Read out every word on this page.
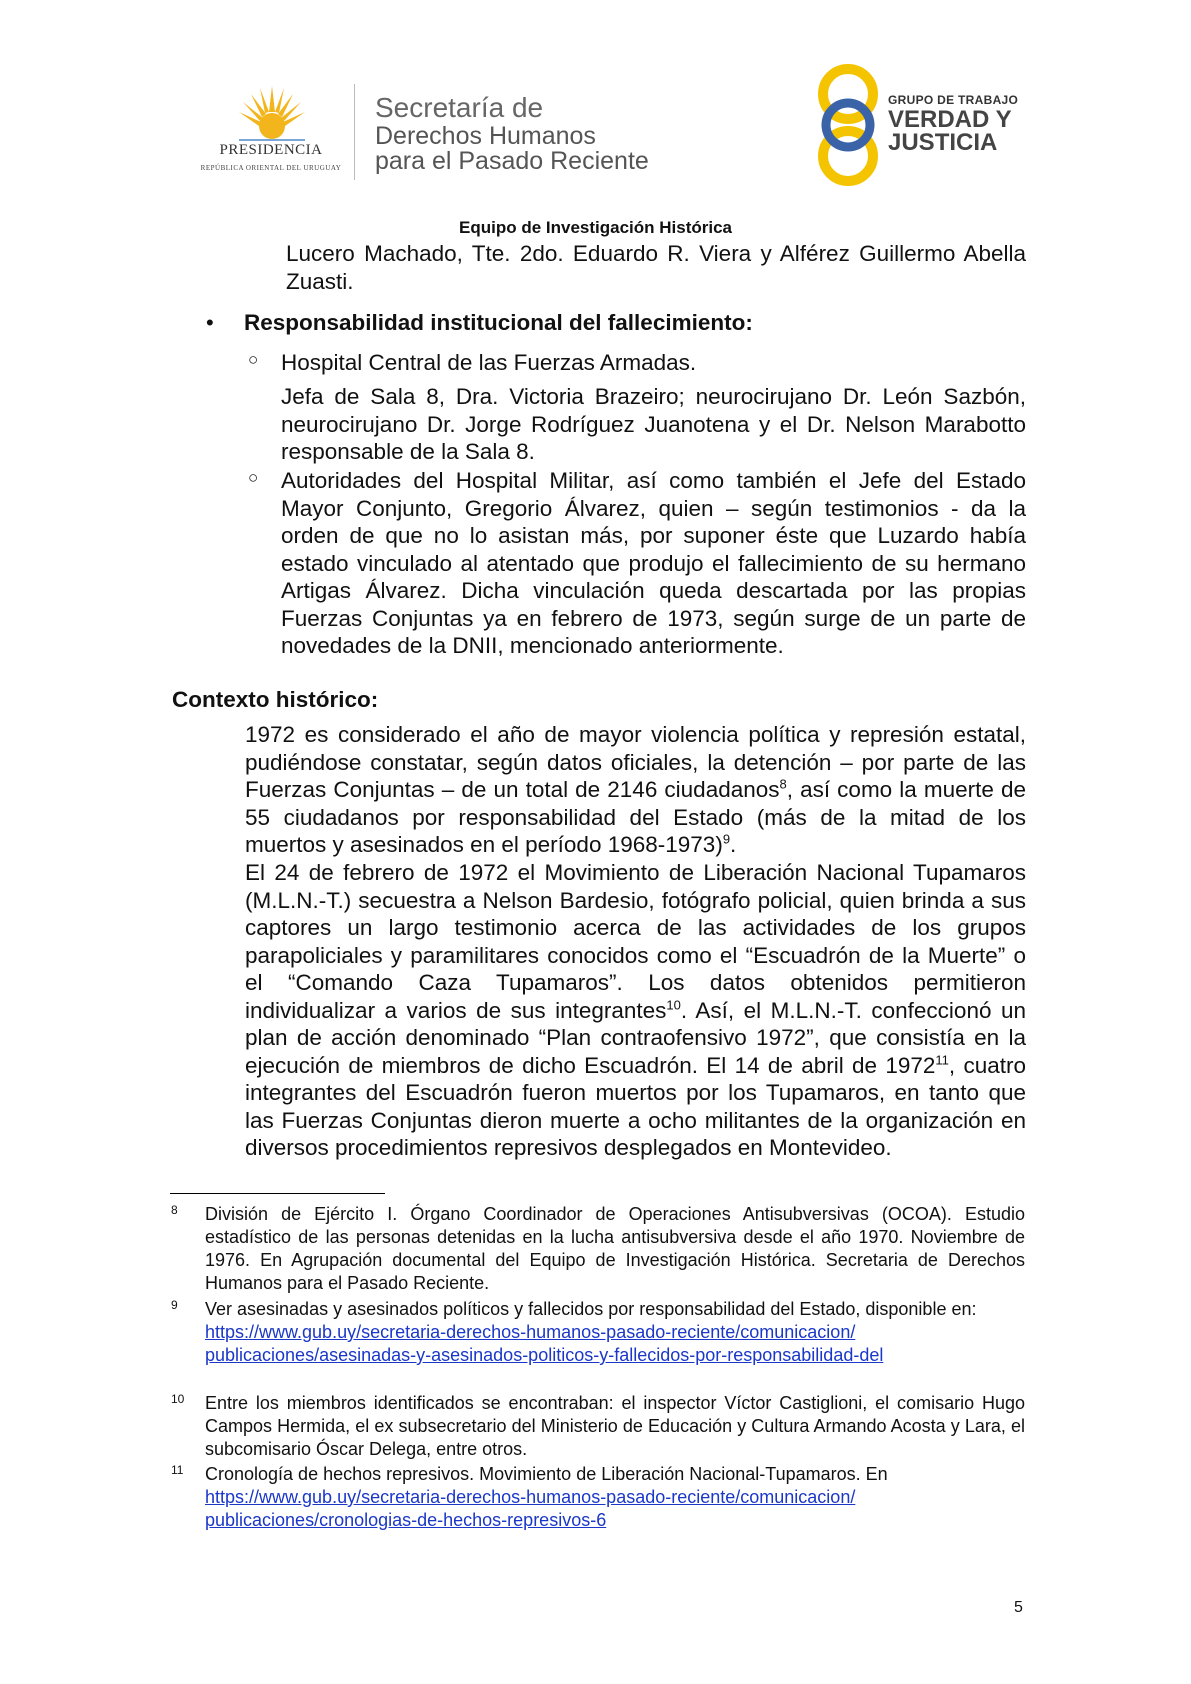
PRESIDENCIA
REPÚBLICA ORIENTAL DEL URUGUAY
Secretaría de
Derechos Humanos
para el Pasado Reciente
GRUPO DE TRABAJO
VERDAD Y
JUSTICIA
Equipo de Investigación Histórica

Lucero Machado, Tte. 2do. Eduardo R. Viera y Alférez Guillermo Abella Zuasti.

• Responsabilidad institucional del fallecimiento:
○ Hospital Central de las Fuerzas Armadas.

Jefa de Sala 8, Dra. Victoria Brazeiro; neurocirujano Dr. León Sazbón, neurocirujano Dr. Jorge Rodríguez Juanotena y el Dr. Nelson Marabotto responsable de la Sala 8.

○ Autoridades del Hospital Militar, así como también el Jefe del Estado Mayor Conjunto, Gregorio Álvarez, quien – según testimonios - da la orden de que no lo asistan más, por suponer éste que Luzardo había estado vinculado al atentado que produjo el fallecimiento de su hermano Artigas Álvarez. Dicha vinculación queda descartada por las propias Fuerzas Conjuntas ya en febrero de 1973, según surge de un parte de novedades de la DNII, mencionado anteriormente.

Contexto histórico:

1972 es considerado el año de mayor violencia política y represión estatal, pudiéndose constatar, según datos oficiales, la detención – por parte de las Fuerzas Conjuntas – de un total de 2146 ciudadanos$^8$, así como la muerte de 55 ciudadanos por responsabilidad del Estado (más de la mitad de los muertos y asesinados en el período 1968-1973)$^9$.

El 24 de febrero de 1972 el Movimiento de Liberación Nacional Tupamaros (M.L.N.-T.) secuestra a Nelson Bardesio, fotógrafo policial, quien brinda a sus captores un largo testimonio acerca de las actividades de los grupos parapoliciales y paramilitares conocidos como el “Escuadrón de la Muerte” o el “Comando Caza Tupamaros”. Los datos obtenidos permitieron individualizar a varios de sus integrantes$^{10}$. Así, el M.L.N.-T. confeccionó un plan de acción denominado “Plan contraofensivo 1972”, que consistía en la ejecución de miembros de dicho Escuadrón. El 14 de abril de 1972$^{11}$, cuatro integrantes del Escuadrón fueron muertos por los Tupamaros, en tanto que las Fuerzas Conjuntas dieron muerte a ocho militantes de la organización en diversos procedimientos represivos desplegados en Montevideo.

8 División de Ejército I. Órgano Coordinador de Operaciones Antisubversivas (OCOA). Estudio estadístico de las personas detenidas en la lucha antisubversiva desde el año 1970. Noviembre de 1976. En Agrupación documental del Equipo de Investigación Histórica. Secretaria de Derechos Humanos para el Pasado Reciente.

9 Ver asesinadas y asesinados políticos y fallecidos por responsabilidad del Estado, disponible en:
https://www.gub.uy/secretaria-derechos-humanos-pasado-reciente/comunicacion/
publicaciones/asesinadas-y-asesinados-politicos-y-fallecidos-por-responsabilidad-del

10 Entre los miembros identificados se encontraban: el inspector Víctor Castiglioni, el comisario Hugo Campos Hermida, el ex subsecretario del Ministerio de Educación y Cultura Armando Acosta y Lara, el subcomisario Óscar Delega, entre otros.

11 Cronología de hechos represivos. Movimiento de Liberación Nacional-Tupamaros. En
https://www.gub.uy/secretaria-derechos-humanos-pasado-reciente/comunicacion/
publicaciones/cronologias-de-hechos-represivos-6

5
